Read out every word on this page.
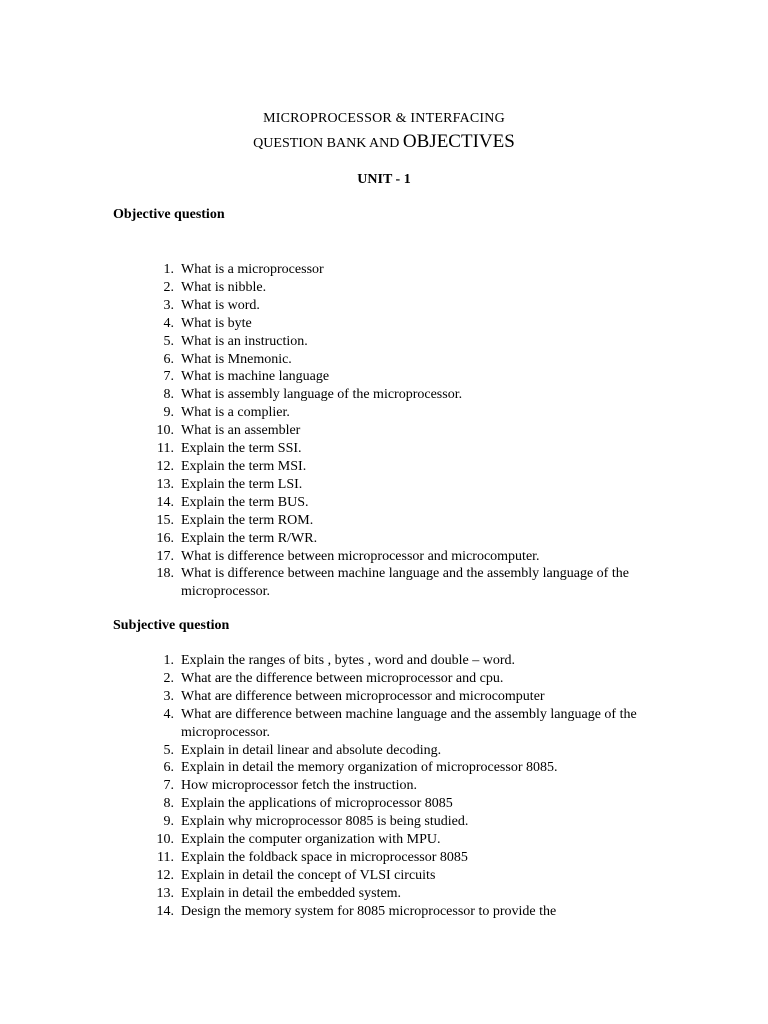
MICROPROCESSOR & INTERFACING
QUESTION BANK AND OBJECTIVES
UNIT - 1
Objective question
1. What is a microprocessor
2. What is nibble.
3. What is word.
4. What is byte
5. What is an instruction.
6. What is Mnemonic.
7. What is machine language
8. What is assembly language of the microprocessor.
9. What is a complier.
10. What is an assembler
11. Explain the term SSI.
12. Explain the term MSI.
13. Explain the term LSI.
14. Explain the term BUS.
15. Explain the term ROM.
16. Explain the term R/WR.
17. What is difference between microprocessor and microcomputer.
18. What is difference between machine language and the assembly language of the microprocessor.
Subjective question
1. Explain the ranges of bits , bytes , word and double – word.
2. What are the difference between microprocessor and cpu.
3. What are difference between microprocessor and microcomputer
4. What are difference between machine language and the assembly language of the microprocessor.
5. Explain in detail linear and absolute decoding.
6. Explain in detail the memory organization of microprocessor 8085.
7. How microprocessor fetch the instruction.
8. Explain the applications of microprocessor 8085
9. Explain why microprocessor 8085 is being studied.
10. Explain the computer organization with MPU.
11. Explain the foldback space in microprocessor 8085
12. Explain in detail the concept of VLSI circuits
13. Explain in detail the embedded system.
14. Design the memory system for 8085 microprocessor to provide the
